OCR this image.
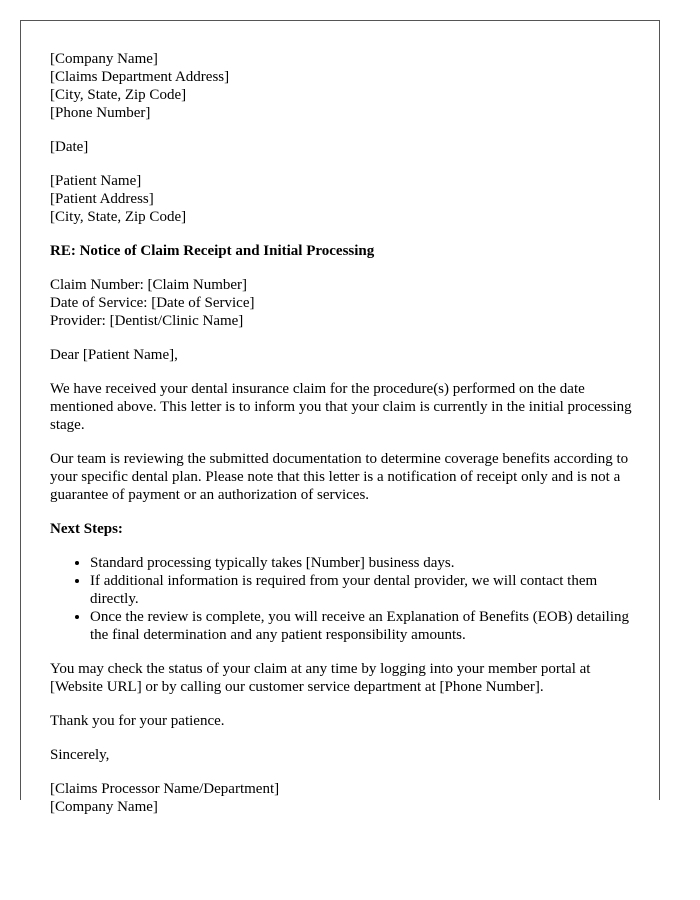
[Company Name]
[Claims Department Address]
[City, State, Zip Code]
[Phone Number]
[Date]
[Patient Name]
[Patient Address]
[City, State, Zip Code]
RE: Notice of Claim Receipt and Initial Processing
Claim Number: [Claim Number]
Date of Service: [Date of Service]
Provider: [Dentist/Clinic Name]

Dear [Patient Name],

We have received your dental insurance claim for the procedure(s) performed on the date mentioned above. This letter is to inform you that your claim is currently in the initial processing stage.

Our team is reviewing the submitted documentation to determine coverage benefits according to your specific dental plan. Please note that this letter is a notification of receipt only and is not a guarantee of payment or an authorization of services.

Next Steps:
• Standard processing typically takes [Number] business days.
• If additional information is required from your dental provider, we will contact them directly.
• Once the review is complete, you will receive an Explanation of Benefits (EOB) detailing the final determination and any patient responsibility amounts.

You may check the status of your claim at any time by logging into your member portal at [Website URL] or by calling our customer service department at [Phone Number].

Thank you for your patience.

Sincerely,

[Claims Processor Name/Department]
[Company Name]
